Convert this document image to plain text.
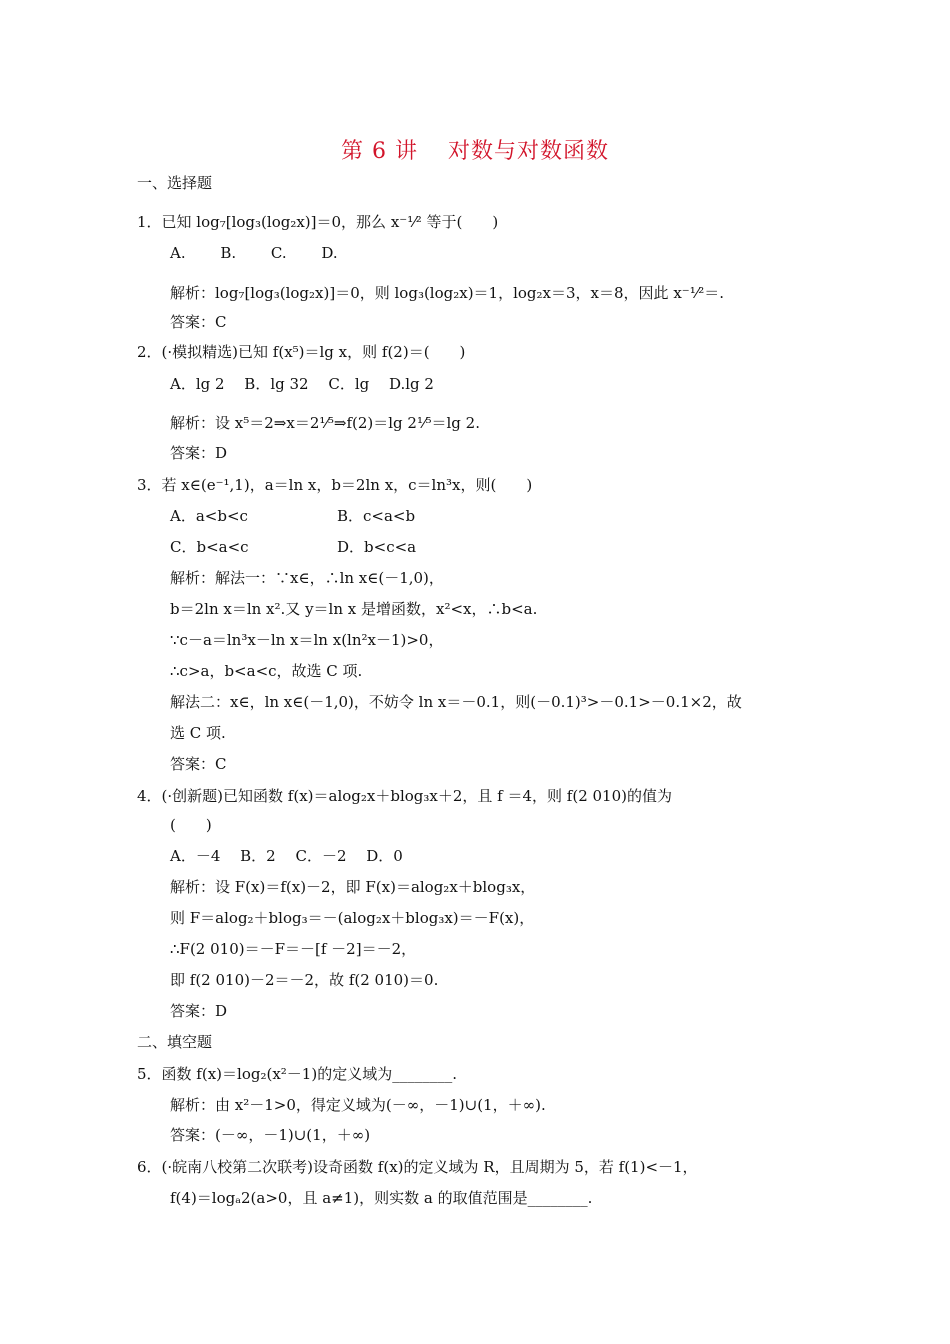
第 6 讲 对数与对数函数
一、选择题
1．已知 log₇[log₃(log₂x)]＝0，那么 x⁻¹⁄² 等于(　　)
A.　　 B.　　 C.　　 D.
解析：log₇[log₃(log₂x)]＝0，则 log₃(log₂x)＝1，log₂x＝3，x＝8，因此 x⁻¹⁄²＝.
答案：C
2．(·模拟精选)已知 f(x⁵)＝lg x，则 f(2)＝(　　)
A．lg 2　 B．lg 32　 C．lg　 D.lg 2
解析：设 x⁵＝2⇒x＝2¹⁄⁵⇒f(2)＝lg 2¹⁄⁵＝lg 2.
答案：D
3．若 x∈(e⁻¹,1)，a＝ln x，b＝2ln x，c＝ln³x，则(　　)
A．a<b<c	B．c<a<b
C．b<a<c	D．b<c<a
解析：解法一：∵x∈，∴ln x∈(－1,0)，
b＝2ln x＝ln x².又 y＝ln x 是增函数，x²<x，∴b<a.
∵c－a＝ln³x－ln x＝ln x(ln²x－1)>0，
∴c>a，b<a<c，故选 C 项.
解法二：x∈，ln x∈(－1,0)，不妨令 ln x＝－0.1，则(－0.1)³>－0.1>－0.1×2，故
选 C 项.
答案：C
4．(·创新题)已知函数 f(x)＝alog₂x＋blog₃x＋2，且 f ＝4，则 f(2 010)的值为
(　　)
A．－4　 B．2　 C．－2　 D．0
解析：设 F(x)＝f(x)－2，即 F(x)＝alog₂x＋blog₃x，
则 F＝alog₂＋blog₃＝－(alog₂x＋blog₃x)＝－F(x)，
∴F(2 010)＝－F＝－[f －2]＝－2，
即 f(2 010)－2＝－2，故 f(2 010)＝0.
答案：D
二、填空题
5．函数 f(x)＝log₂(x²－1)的定义域为________.
解析：由 x²－1>0，得定义域为(－∞，－1)∪(1，＋∞).
答案：(－∞，－1)∪(1，＋∞)
6．(·皖南八校第二次联考)设奇函数 f(x)的定义域为 R，且周期为 5，若 f(1)<－1，
f(4)＝logₐ2(a>0，且 a≠1)，则实数 a 的取值范围是________.
